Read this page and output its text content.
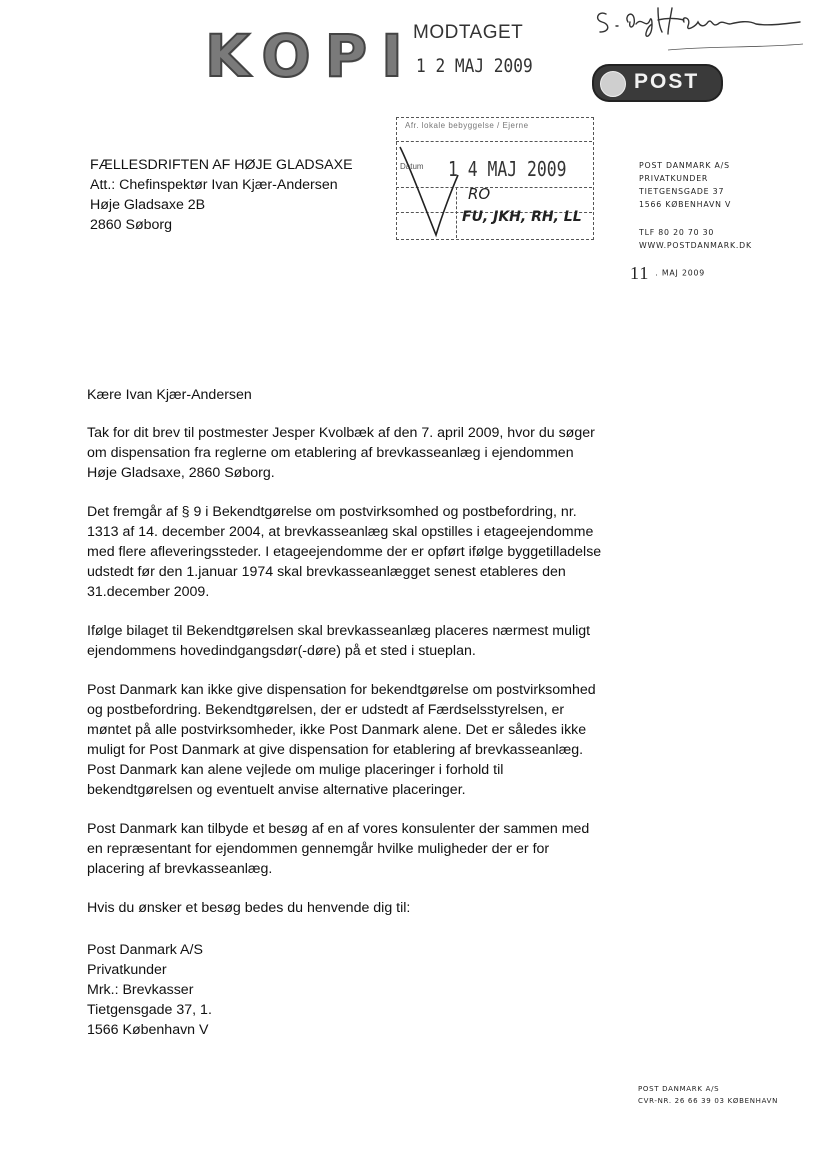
KOPI
MODTAGET
1 2 MAJ 2009
POST
FÆLLESDRIFTEN AF HØJE GLADSAXE
Att.: Chefinspektør Ivan Kjær-Andersen
Høje Gladsaxe 2B
2860 Søborg
Afr. lokale bebyggelse / Ejerne
Datum 1 4 MAJ 2009
RO
FU, JKH, RH, LL
POST DANMARK A/S
PRIVATKUNDER
TIETGENSGADE 37
1566 KØBENHAVN V
TLF 80 20 70 30
WWW.POSTDANMARK.DK
11 . MAJ 2009

Kære Ivan Kjær-Andersen

Tak for dit brev til postmester Jesper Kvolbæk af den 7. april 2009, hvor du søger om dispensation fra reglerne om etablering af brevkasseanlæg i ejendommen Høje Gladsaxe, 2860 Søborg.

Det fremgår af § 9 i Bekendtgørelse om postvirksomhed og postbefordring, nr. 1313 af 14. december 2004, at brevkasseanlæg skal opstilles i etageejendomme med flere afleveringssteder. I etageejendomme der er opført ifølge byggetilladelse udstedt før den 1.januar 1974 skal brevkasseanlægget senest etableres den 31.december 2009.

Ifølge bilaget til Bekendtgørelsen skal brevkasseanlæg placeres nærmest muligt ejendommens hovedindgangsdør(-døre) på et sted i stueplan.

Post Danmark kan ikke give dispensation for bekendtgørelse om postvirksomhed og postbefordring. Bekendtgørelsen, der er udstedt af Færdselsstyrelsen, er møntet på alle postvirksomheder, ikke Post Danmark alene. Det er således ikke muligt for Post Danmark at give dispensation for etablering af brevkasseanlæg. Post Danmark kan alene vejlede om mulige placeringer i forhold til bekendtgørelsen og eventuelt anvise alternative placeringer.

Post Danmark kan tilbyde et besøg af en af vores konsulenter der sammen med en repræsentant for ejendommen gennemgår hvilke muligheder der er for placering af brevkasseanlæg.

Hvis du ønsker et besøg bedes du henvende dig til:

Post Danmark A/S
Privatkunder
Mrk.: Brevkasser
Tietgensgade 37, 1.
1566 København V
POST DANMARK A/S
CVR-NR. 26 66 39 03 KØBENHAVN
